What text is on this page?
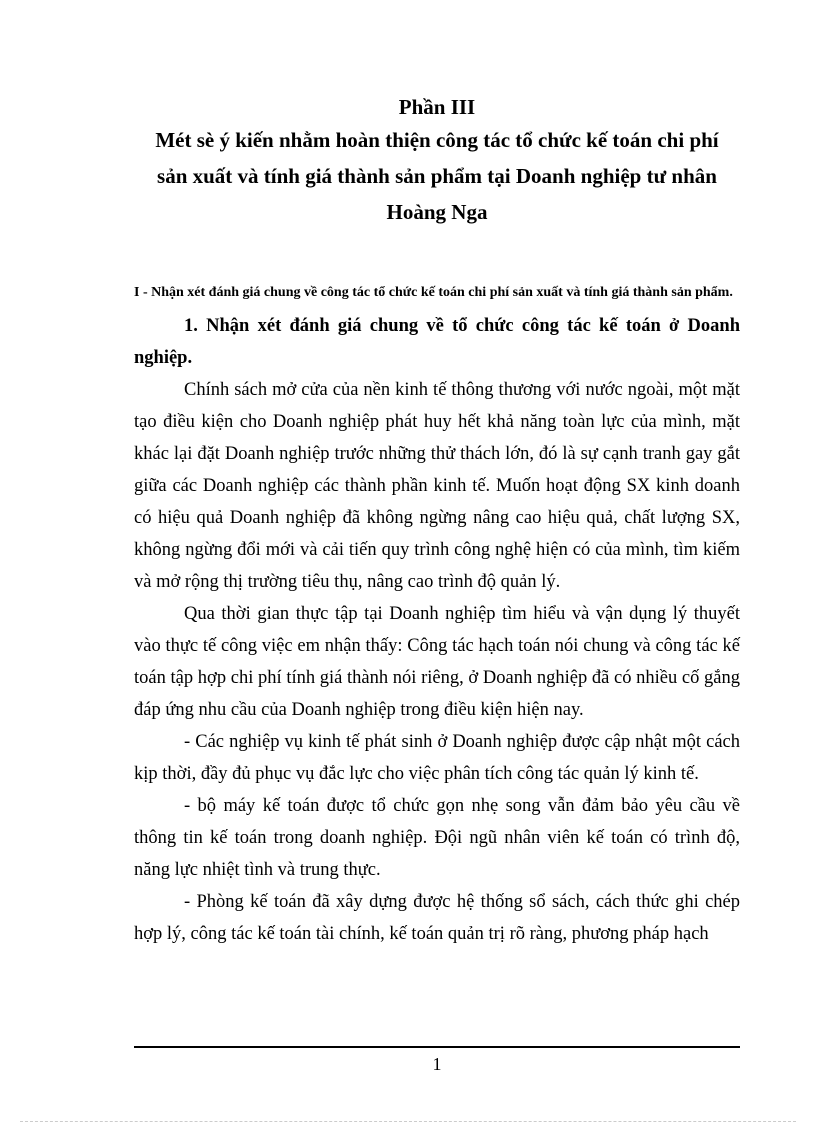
Phần III

Mét sè ý kiến nhằm hoàn thiện công tác tổ chức kế toán chi phí

sản xuất và tính giá thành sản phẩm tại Doanh nghiệp tư nhân

Hoàng Nga

I - Nhận xét đánh giá chung về công tác tổ chức kế toán chi phí sản xuất và tính giá thành sản phẩm.

1. Nhận xét đánh giá chung về tổ chức công tác kế toán ở Doanh nghiệp.

Chính sách mở cửa của nền kinh tế thông thương với nước ngoài, một mặt tạo điều kiện cho Doanh nghiệp phát huy hết khả năng toàn lực của mình, mặt khác lại đặt Doanh nghiệp trước những thử thách lớn, đó là sự cạnh tranh gay gắt giữa các Doanh nghiệp các thành phần kinh tế. Muốn hoạt động SX kinh doanh có hiệu quả Doanh nghiệp đã không ngừng nâng cao hiệu quả, chất lượng SX, không ngừng đổi mới và cải tiến quy trình công nghệ hiện có của mình, tìm kiếm và mở rộng thị trường tiêu thụ, nâng cao trình độ quản lý.

Qua thời gian thực tập tại Doanh nghiệp tìm hiểu và vận dụng lý thuyết vào thực tế công việc em nhận thấy: Công tác hạch toán nói chung và công tác kế toán tập hợp chi phí tính giá thành nói riêng, ở Doanh nghiệp đã có nhiều cố gắng đáp ứng nhu cầu của Doanh nghiệp trong điều kiện hiện nay.

- Các nghiệp vụ kinh tế phát sinh ở Doanh nghiệp được cập nhật một cách kịp thời, đầy đủ phục vụ đắc lực cho việc phân tích công tác quản lý kinh tế.

- bộ máy kế toán được tổ chức gọn nhẹ song vẫn đảm bảo yêu cầu về thông tin kế toán trong doanh nghiệp. Đội ngũ nhân viên kế toán có trình độ, năng lực nhiệt tình và trung thực.

- Phòng kế toán đã xây dựng được hệ thống sổ sách, cách thức ghi chép hợp lý, công tác kế toán tài chính, kế toán quản trị rõ ràng, phương pháp hạch

1
